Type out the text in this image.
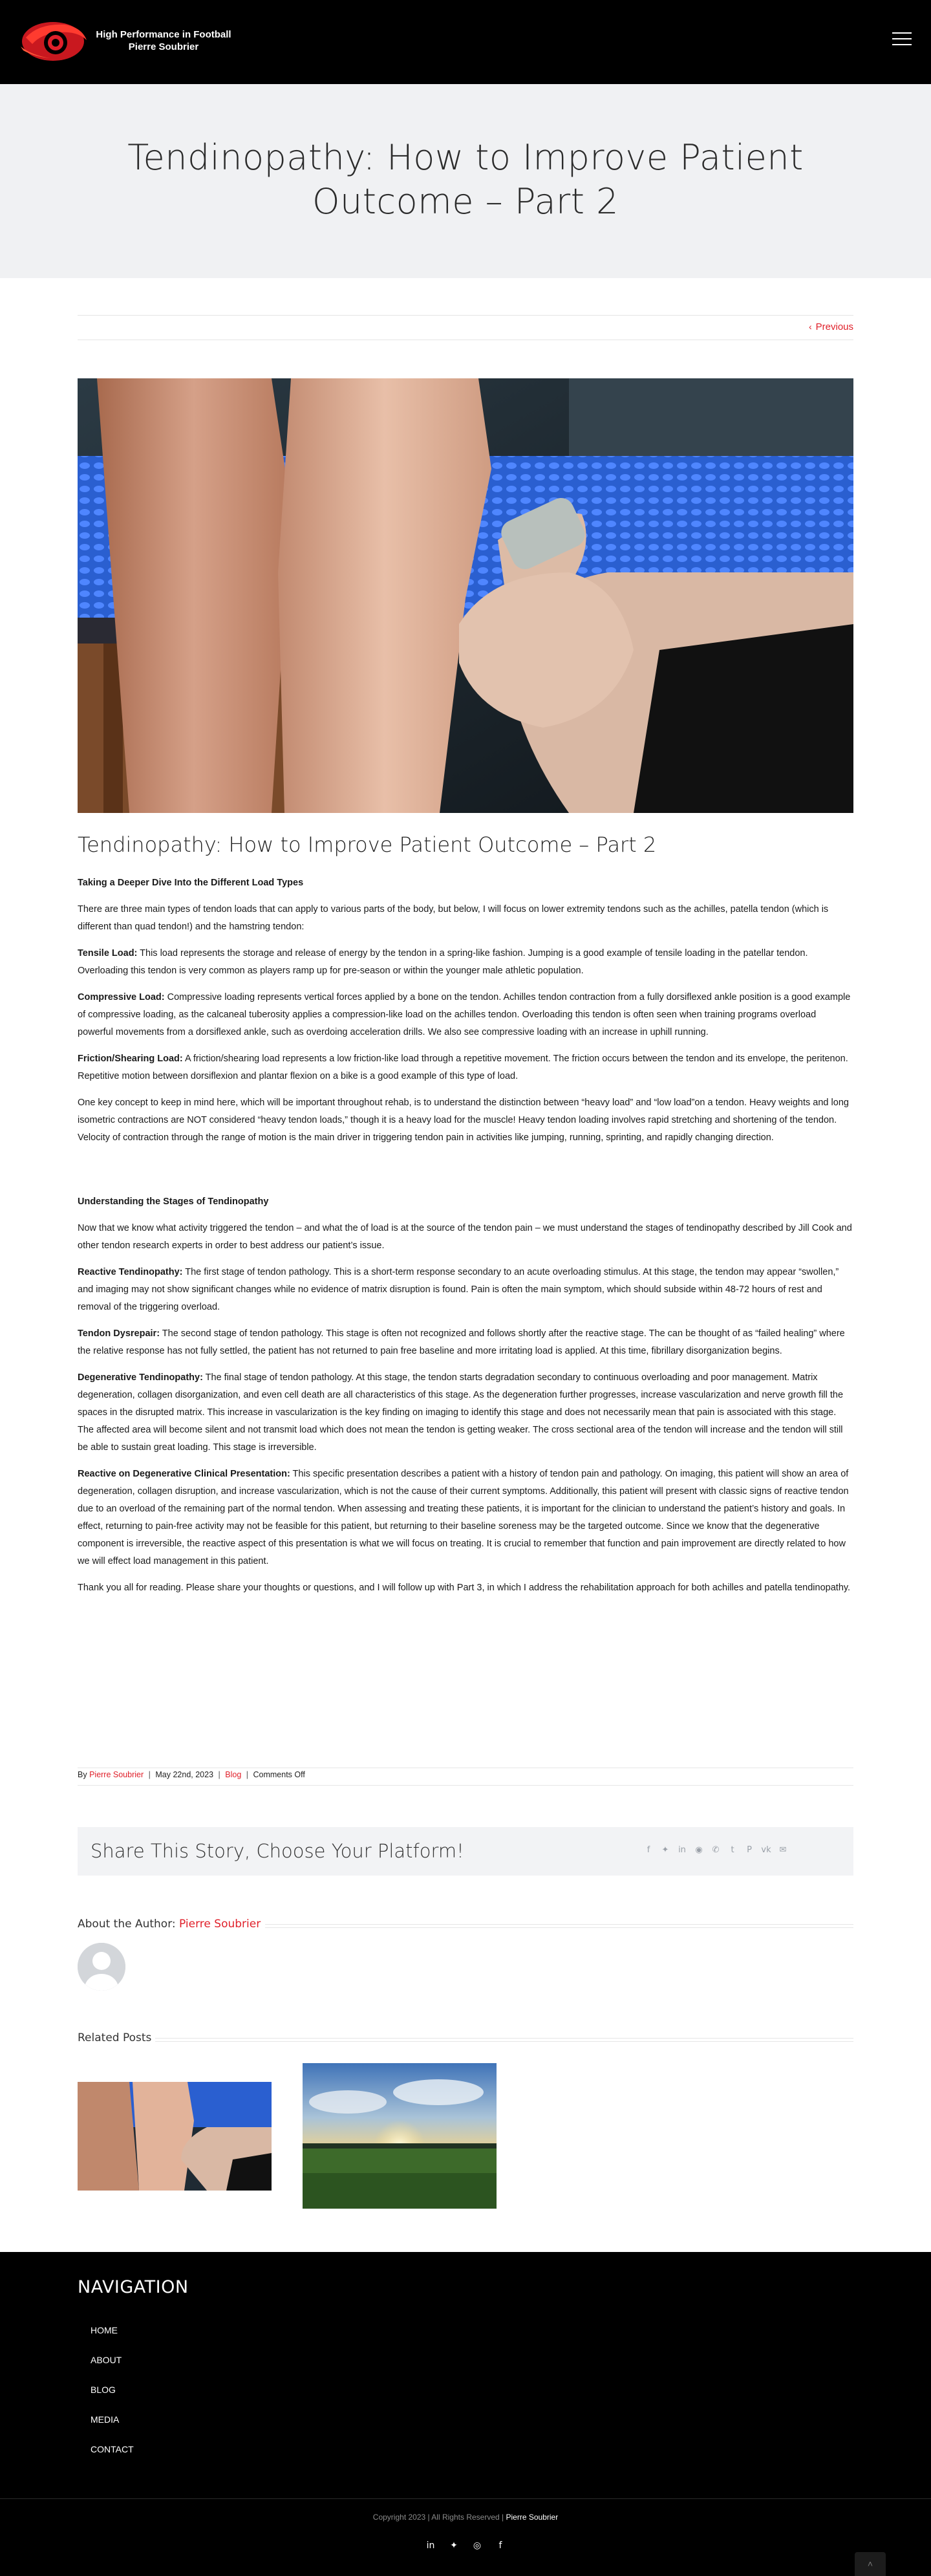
High Performance in Football
Pierre Soubrier
Tendinopathy: How to Improve Patient Outcome – Part 2
‹ Previous
Tendinopathy: How to Improve Patient Outcome – Part 2
Taking a Deeper Dive Into the Different Load Types

There are three main types of tendon loads that can apply to various parts of the body, but below, I will focus on lower extremity tendons such as the achilles, patella tendon (which is different than quad tendon!) and the hamstring tendon:

Tensile Load: This load represents the storage and release of energy by the tendon in a spring-like fashion. Jumping is a good example of tensile loading in the patellar tendon. Overloading this tendon is very common as players ramp up for pre-season or within the younger male athletic population.

Compressive Load: Compressive loading represents vertical forces applied by a bone on the tendon. Achilles tendon contraction from a fully dorsiflexed ankle position is a good example of compressive loading, as the calcaneal tuberosity applies a compression-like load on the achilles tendon. Overloading this tendon is often seen when training programs overload powerful movements from a dorsiflexed ankle, such as overdoing acceleration drills. We also see compressive loading with an increase in uphill running.

Friction/Shearing Load: A friction/shearing load represents a low friction-like load through a repetitive movement. The friction occurs between the tendon and its envelope, the peritenon. Repetitive motion between dorsiflexion and plantar flexion on a bike is a good example of this type of load.

One key concept to keep in mind here, which will be important throughout rehab, is to understand the distinction between “heavy load” and “low load”on a tendon. Heavy weights and long isometric contractions are NOT considered “heavy tendon loads,” though it is a heavy load for the muscle! Heavy tendon loading involves rapid stretching and shortening of the tendon. Velocity of contraction through the range of motion is the main driver in triggering tendon pain in activities like jumping, running, sprinting, and rapidly changing direction.

Understanding the Stages of Tendinopathy

Now that we know what activity triggered the tendon – and what the of load is at the source of the tendon pain – we must understand the stages of tendinopathy described by Jill Cook and other tendon research experts in order to best address our patient’s issue.

Reactive Tendinopathy: The first stage of tendon pathology. This is a short-term response secondary to an acute overloading stimulus. At this stage, the tendon may appear “swollen,” and imaging may not show significant changes while no evidence of matrix disruption is found. Pain is often the main symptom, which should subside within 48-72 hours of rest and removal of the triggering overload.

Tendon Dysrepair: The second stage of tendon pathology. This stage is often not recognized and follows shortly after the reactive stage. The can be thought of as “failed healing” where the relative response has not fully settled, the patient has not returned to pain free baseline and more irritating load is applied. At this time, fibrillary disorganization begins.

Degenerative Tendinopathy: The final stage of tendon pathology. At this stage, the tendon starts degradation secondary to continuous overloading and poor management. Matrix degeneration, collagen disorganization, and even cell death are all characteristics of this stage. As the degeneration further progresses, increase vascularization and nerve growth fill the spaces in the disrupted matrix. This increase in vascularization is the key finding on imaging to identify this stage and does not necessarily mean that pain is associated with this stage. The affected area will become silent and not transmit load which does not mean the tendon is getting weaker. The cross sectional area of the tendon will increase and the tendon will still be able to sustain great loading. This stage is irreversible.

Reactive on Degenerative Clinical Presentation: This specific presentation describes a patient with a history of tendon pain and pathology. On imaging, this patient will show an area of degeneration, collagen disruption, and increase vascularization, which is not the cause of their current symptoms. Additionally, this patient will present with classic signs of reactive tendon due to an overload of the remaining part of the normal tendon. When assessing and treating these patients, it is important for the clinician to understand the patient’s history and goals. In effect, returning to pain-free activity may not be feasible for this patient, but returning to their baseline soreness may be the targeted outcome. Since we know that the degenerative component is irreversible, the reactive aspect of this presentation is what we will focus on treating. It is crucial to remember that function and pain improvement are directly related to how we will effect load management in this patient.

Thank you all for reading. Please share your thoughts or questions, and I will follow up with Part 3, in which I address the rehabilitation approach for both achilles and patella tendinopathy.

By Pierre Soubrier | May 22nd, 2023 | Blog | Comments Off
Share This Story, Choose Your Platform!	f	✦	in	◉	✆	t	P	vk ✉
About the Author: Pierre Soubrier
Related Posts
NAVIGATION
HOME
ABOUT
BLOG
MEDIA
CONTACT
Copyright 2023 | All Rights Reserved | Pierre Soubrier
in	✦	◎	f
˄
